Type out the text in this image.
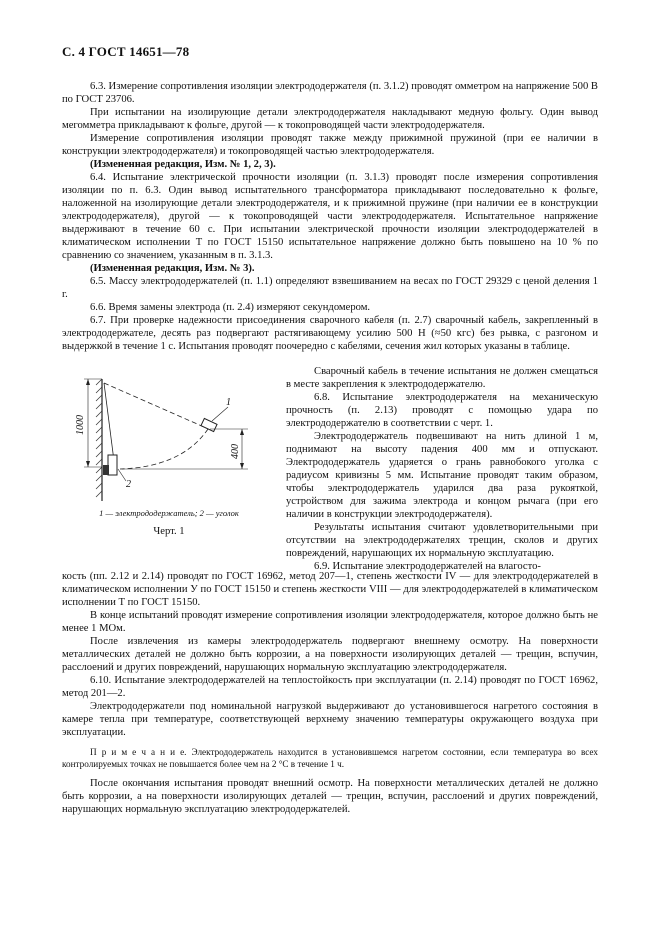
С. 4 ГОСТ 14651—78

6.3. Измерение сопротивления изоляции электрододержателя (п. 3.1.2) проводят омметром на напряжение 500 В по ГОСТ 23706.

При испытании на изолирующие детали электрододержателя накладывают медную фольгу. Один вывод мегомметра прикладывают к фольге, другой — к токопроводящей части электрододержателя.

Измерение сопротивления изоляции проводят также между прижимной пружиной (при ее наличии в конструкции электрододержателя) и токопроводящей частью электрододержателя.

(Измененная редакция, Изм. № 1, 2, 3).

6.4. Испытание электрической прочности изоляции (п. 3.1.3) проводят после измерения сопротивления изоляции по п. 6.3. Один вывод испытательного трансформатора прикладывают последовательно к фольге, наложенной на изолирующие детали электрододержателя, и к прижимной пружине (при наличии ее в конструкции электрододержателя), другой — к токопроводящей части электрододержателя. Испытательное напряжение выдерживают в течение 60 с. При испытании электрической прочности изоляции электрододержателей в климатическом исполнении Т по ГОСТ 15150 испытательное напряжение должно быть повышено на 10 % по сравнению со значением, указанным в п. 3.1.3.

(Измененная редакция, Изм. № 3).

6.5. Массу электрододержателей (п. 1.1) определяют взвешиванием на весах по ГОСТ 29329 с ценой деления 1 г.

6.6. Время замены электрода (п. 2.4) измеряют секундомером.

6.7. При проверке надежности присоединения сварочного кабеля (п. 2.7) сварочный кабель, закрепленный в электрододержателе, десять раз подвергают растягивающему усилию 500 Н (≈50 кгс) без рывка, с разгоном и выдержкой в течение 1 с. Испытания проводят поочередно с кабелями, сечения жил которых указаны в таблице.

1000
1
2
400
1 — электрододержатель; 2 — уголок
Черт. 1

Сварочный кабель в течение испытания не должен смещаться в месте закрепления к электрододержателю.

6.8. Испытание электрододержателя на механическую прочность (п. 2.13) проводят с помощью удара по электрододержателю в соответствии с черт. 1.

Электрододержатель подвешивают на нить длиной 1 м, поднимают на высоту падения 400 мм и отпускают. Электрододержатель ударяется о грань равнобокого уголка с радиусом кривизны 5 мм. Испытание проводят таким образом, чтобы электрододержатель ударился два раза рукояткой, устройством для зажима электрода и концом рычага (при его наличии в конструкции электрододержателя).

Результаты испытания считают удовлетворительными при отсутствии на электрододержателях трещин, сколов и других повреждений, нарушающих их нормальную эксплуатацию.

6.9. Испытание электрододержателей на влагосто-

кость (пп. 2.12 и 2.14) проводят по ГОСТ 16962, метод 207—1, степень жесткости IV — для электрододержателей в климатическом исполнении У по ГОСТ 15150 и степень жесткости VIII — для электрододержателей в климатическом исполнении Т по ГОСТ 15150.

В конце испытаний проводят измерение сопротивления изоляции электрододержателя, которое должно быть не менее 1 МОм.

После извлечения из камеры электрододержатель подвергают внешнему осмотру. На поверхности металлических деталей не должно быть коррозии, а на поверхности изолирующих деталей — трещин, вспучин, расслоений и других повреждений, нарушающих нормальную эксплуатацию электрододержателя.

6.10. Испытание электрододержателей на теплостойкость при эксплуатации (п. 2.14) проводят по ГОСТ 16962, метод 201—2.

Электрододержатели под номинальной нагрузкой выдерживают до установившегося нагретого состояния в камере тепла при температуре, соответствующей верхнему значению температуры окружающего воздуха при эксплуатации.

П р и м е ч а н и е. Электрододержатель находится в установившемся нагретом состоянии, если температура во всех контролируемых точках не повышается более чем на 2 °С в течение 1 ч.

После окончания испытания проводят внешний осмотр. На поверхности металлических деталей не должно быть коррозии, а на поверхности изолирующих деталей — трещин, вспучин, расслоений и других повреждений, нарушающих нормальную эксплуатацию электрододержателей.
